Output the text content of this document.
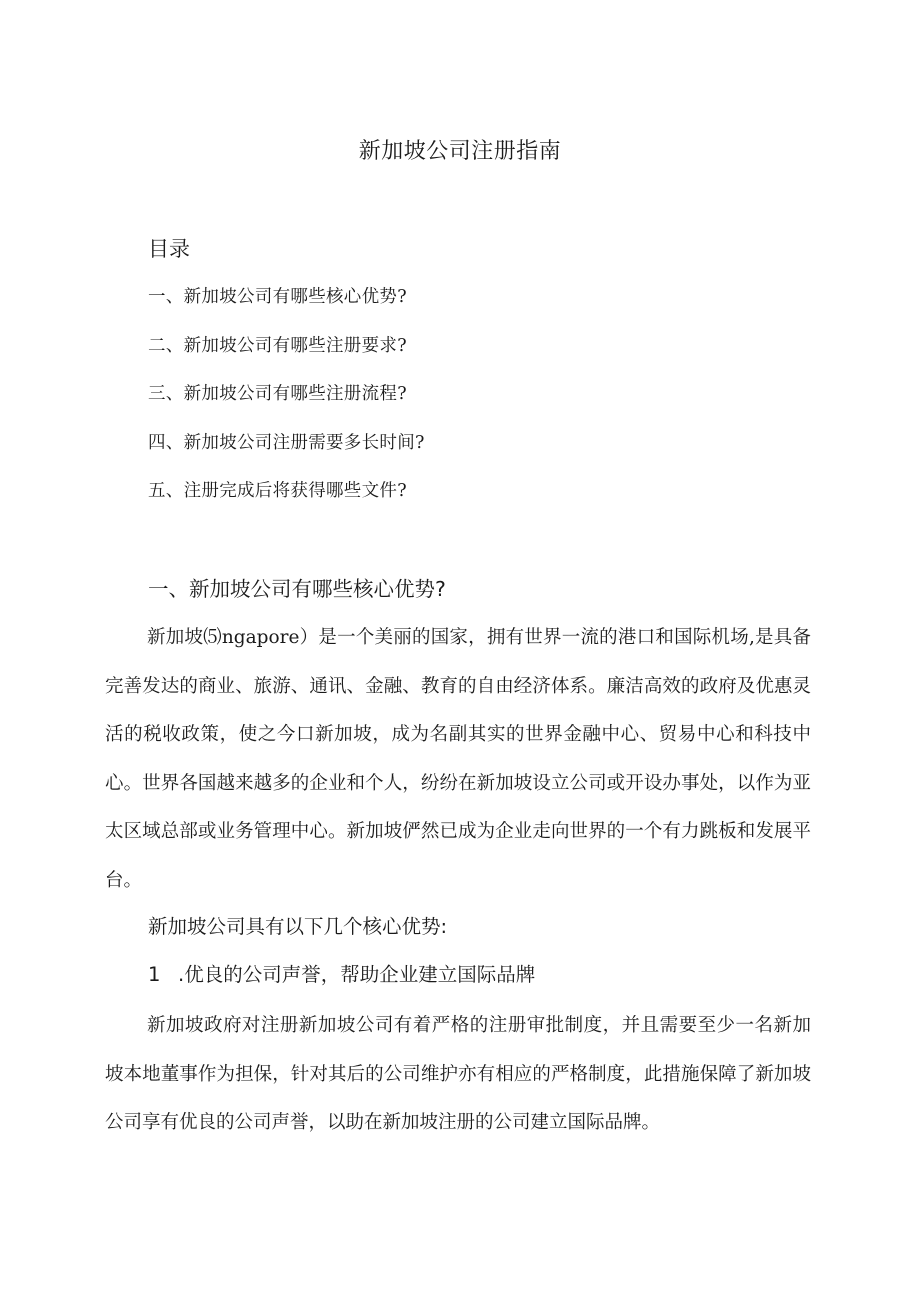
新加坡公司注册指南
目录
一、新加坡公司有哪些核心优势?
二、新加坡公司有哪些注册要求?
三、新加坡公司有哪些注册流程?
四、新加坡公司注册需要多长时间?
五、注册完成后将获得哪些文件?
一、新加坡公司有哪些核心优势?

新加坡⑸ngapore）是一个美丽的国家，拥有世界一流的港口和国际机场,是具备完善发达的商业、旅游、通讯、金融、教育的自由经济体系。廉洁高效的政府及优惠灵活的税收政策，使之今口新加坡，成为名副其实的世界金融中心、贸易中心和科技中心。世界各国越来越多的企业和个人，纷纷在新加坡设立公司或开设办事处，以作为亚太区域总部或业务管理中心。新加坡俨然已成为企业走向世界的一个有力跳板和发展平台。

新加坡公司具有以下几个核心优势:
1 .优良的公司声誉，帮助企业建立国际品牌

新加坡政府对注册新加坡公司有着严格的注册审批制度，并且需要至少一名新加坡本地董事作为担保，针对其后的公司维护亦有相应的严格制度，此措施保障了新加坡公司享有优良的公司声誉，以助在新加坡注册的公司建立国际品牌。
